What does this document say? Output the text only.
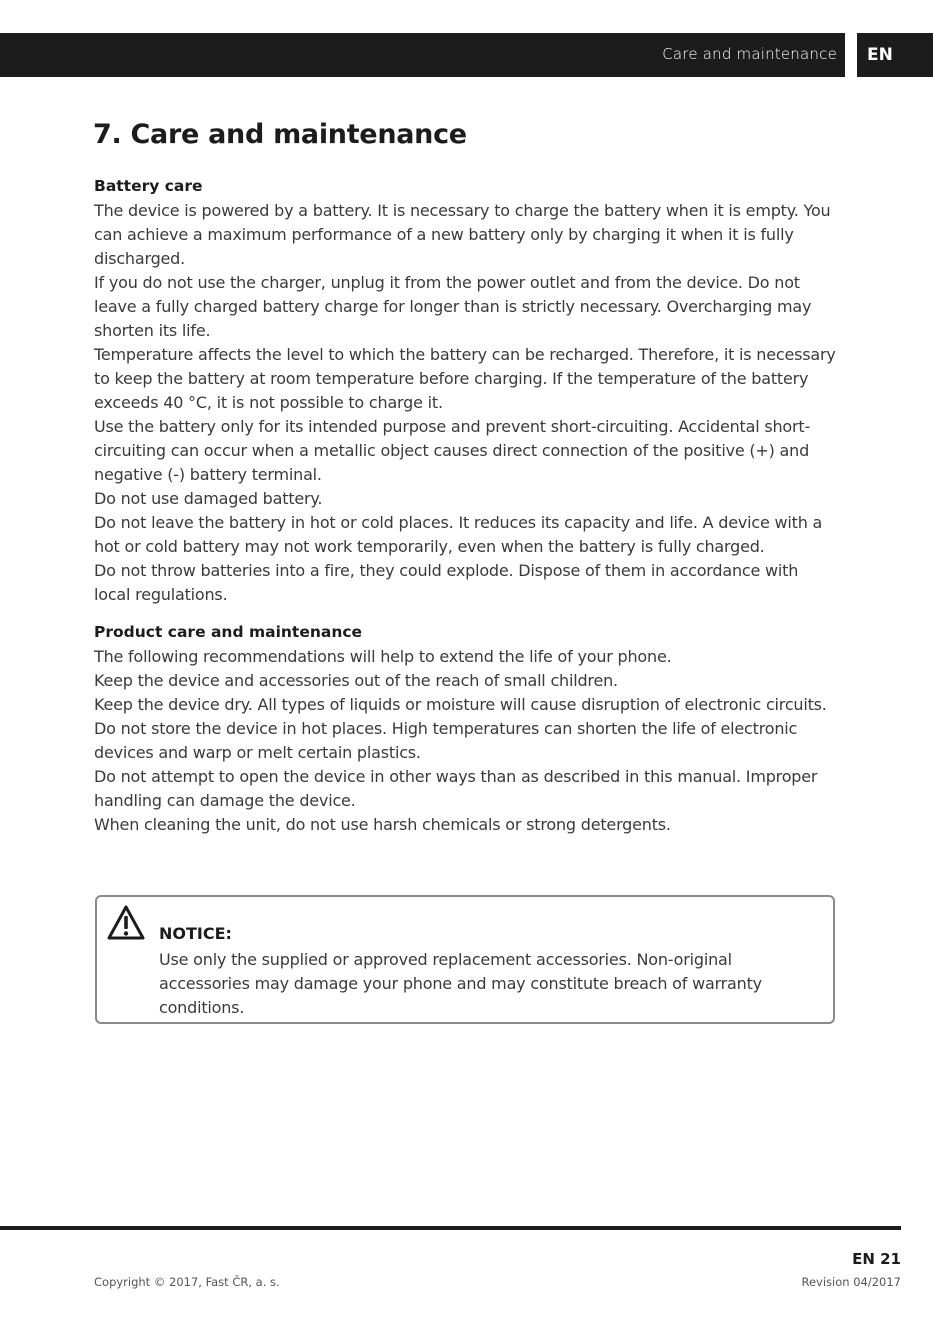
Care and maintenance	EN
7. Care and maintenance
Battery care

The device is powered by a battery. It is necessary to charge the battery when it is empty. You can achieve a maximum performance of a new battery only by charging it when it is fully discharged.

If you do not use the charger, unplug it from the power outlet and from the device. Do not leave a fully charged battery charge for longer than is strictly necessary. Overcharging may shorten its life.

Temperature affects the level to which the battery can be recharged. Therefore, it is necessary to keep the battery at room temperature before charging. If the temperature of the battery exceeds 40 °C, it is not possible to charge it.

Use the battery only for its intended purpose and prevent short-circuiting. Accidental short-circuiting can occur when a metallic object causes direct connection of the positive (+) and negative (-) battery terminal.

Do not use damaged battery.

Do not leave the battery in hot or cold places. It reduces its capacity and life. A device with a hot or cold battery may not work temporarily, even when the battery is fully charged.

Do not throw batteries into a fire, they could explode. Dispose of them in accordance with local regulations.

Product care and maintenance

The following recommendations will help to extend the life of your phone.

Keep the device and accessories out of the reach of small children.

Keep the device dry. All types of liquids or moisture will cause disruption of electronic circuits.

Do not store the device in hot places. High temperatures can shorten the life of electronic devices and warp or melt certain plastics.

Do not attempt to open the device in other ways than as described in this manual. Improper handling can damage the device.

When cleaning the unit, do not use harsh chemicals or strong detergents.

NOTICE:

Use only the supplied or approved replacement accessories. Non-original accessories may damage your phone and may constitute breach of warranty conditions.

EN 21
Copyright © 2017, Fast ČR, a. s.	Revision 04/2017
